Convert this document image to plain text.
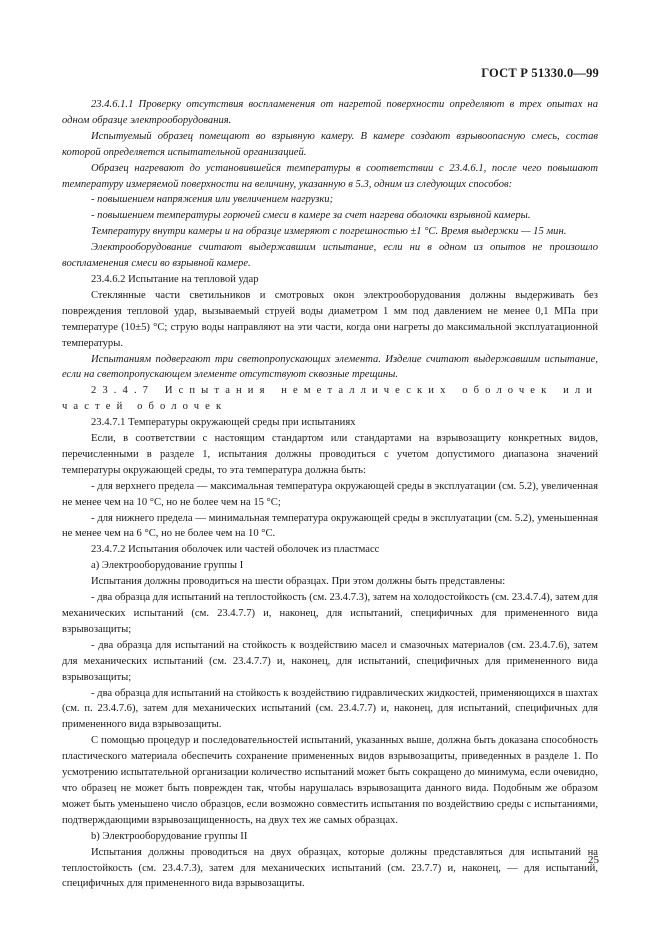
ГОСТ Р 51330.0—99

23.4.6.1.1 Проверку отсутствия воспламенения от нагретой поверхности определяют в трех опытах на одном образце электрооборудования.

Испытуемый образец помещают во взрывную камеру. В камере создают взрывоопасную смесь, состав которой определяется испытательной организацией.

Образец нагревают до установившейся температуры в соответствии с 23.4.6.1, после чего повышают температуру измеряемой поверхности на величину, указанную в 5.3, одним из следующих способов:

- повышением напряжения или увеличением нагрузки;

- повышением температуры горючей смеси в камере за счет нагрева оболочки взрывной камеры.

Температуру внутри камеры и на образце измеряют с погрешностью ±1 °С. Время выдержки — 15 мин.

Электрооборудование считают выдержавшим испытание, если ни в одном из опытов не произошло воспламенения смеси во взрывной камере.

23.4.6.2 Испытание на тепловой удар

Стеклянные части светильников и смотровых окон электрооборудования должны выдерживать без повреждения тепловой удар, вызываемый струей воды диаметром 1 мм под давлением не менее 0,1 МПа при температуре (10±5) °С; струю воды направляют на эти части, когда они нагреты до максимальной эксплуатационной температуры.

Испытаниям подвергают три светопропускающих элемента. Изделие считают выдержавшим испытание, если на светопропускающем элементе отсутствуют сквозные трещины.

23.4.7 Испытания неметаллических оболочек или частей оболочек

23.4.7.1 Температуры окружающей среды при испытаниях

Если, в соответствии с настоящим стандартом или стандартами на взрывозащиту конкретных видов, перечисленными в разделе 1, испытания должны проводиться с учетом допустимого диапазона значений температуры окружающей среды, то эта температура должна быть:

- для верхнего предела — максимальная температура окружающей среды в эксплуатации (см. 5.2), увеличенная не менее чем на 10 °С, но не более чем на 15 °С;

- для нижнего предела — минимальная температура окружающей среды в эксплуатации (см. 5.2), уменьшенная не менее чем на 6 °С, но не более чем на 10 °С.

23.4.7.2 Испытания оболочек или частей оболочек из пластмасс

а) Электрооборудование группы I

Испытания должны проводиться на шести образцах. При этом должны быть представлены:

- два образца для испытаний на теплостойкость (см. 23.4.7.3), затем на холодостойкость (см. 23.4.7.4), затем для механических испытаний (см. 23.4.7.7) и, наконец, для испытаний, специфичных для примененного вида взрывозащиты;

- два образца для испытаний на стойкость к воздействию масел и смазочных материалов (см. 23.4.7.6), затем для механических испытаний (см. 23.4.7.7) и, наконец, для испытаний, специфичных для примененного вида взрывозащиты;

- два образца для испытаний на стойкость к воздействию гидравлических жидкостей, применяющихся в шахтах (см. п. 23.4.7.6), затем для механических испытаний (см. 23.4.7.7) и, наконец, для испытаний, специфичных для примененного вида взрывозащиты.

С помощью процедур и последовательностей испытаний, указанных выше, должна быть доказана способность пластического материала обеспечить сохранение примененных видов взрывозащиты, приведенных в разделе 1. По усмотрению испытательной организации количество испытаний может быть сокращено до минимума, если очевидно, что образец не может быть поврежден так, чтобы нарушалась взрывозащита данного вида. Подобным же образом может быть уменьшено число образцов, если возможно совместить испытания по воздействию среды с испытаниями, подтверждающими взрывозащищенность, на двух тех же самых образцах.

b) Электрооборудование группы II

Испытания должны проводиться на двух образцах, которые должны представляться для испытаний на теплостойкость (см. 23.4.7.3), затем для механических испытаний (см. 23.7.7) и, наконец, — для испытаний, специфичных для примененного вида взрывозащиты.

25
